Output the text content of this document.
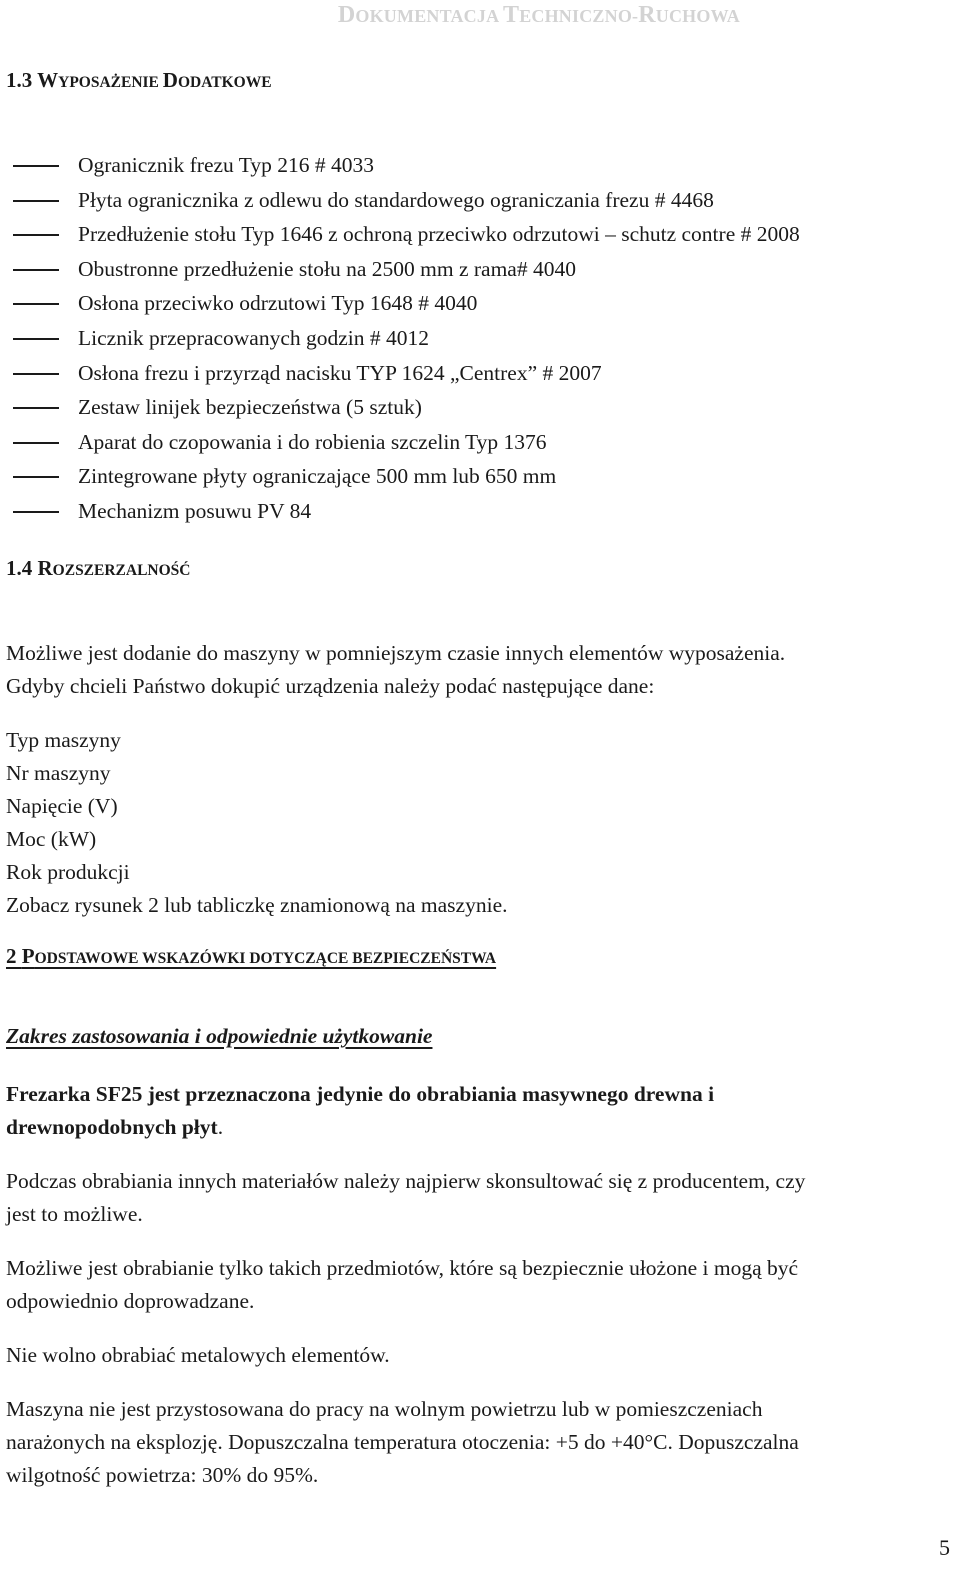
DOKUMENTACJA TECHNICZNO-RUCHOWA
1.3 WYPOSAŻENIE DODATKOWE
Ogranicznik frezu Typ 216 # 4033
Płyta ogranicznika z odlewu do standardowego ograniczania frezu # 4468
Przedłużenie stołu Typ 1646 z ochroną przeciwko odrzutowi – schutz contre # 2008
Obustronne przedłużenie stołu na 2500 mm z rama# 4040
Osłona przeciwko odrzutowi Typ 1648 # 4040
Licznik przepracowanych godzin # 4012
Osłona frezu i przyrząd nacisku TYP 1624 „Centrex” # 2007
Zestaw linijek bezpieczeństwa (5 sztuk)
Aparat do czopowania i do robienia szczelin Typ 1376
Zintegrowane płyty ograniczające 500 mm lub 650 mm
Mechanizm posuwu PV 84
1.4 ROZSZERZALNOŚĆ
Możliwe jest dodanie do maszyny w pomniejszym czasie innych elementów wyposażenia.
Gdyby chcieli Państwo dokupić urządzenia należy podać następujące dane:
Typ maszyny
Nr maszyny
Napięcie (V)
Moc (kW)
Rok produkcji
Zobacz rysunek 2 lub tabliczkę znamionową na maszynie.
2 PODSTAWOWE WSKAZÓWKI DOTYCZĄCE BEZPIECZEŃSTWA
Zakres zastosowania i odpowiednie użytkowanie
Frezarka SF25 jest przeznaczona jedynie do obrabiania masywnego drewna i
drewnopodobnych płyt.
Podczas obrabiania innych materiałów należy najpierw skonsultować się z producentem, czy
jest to możliwe.
Możliwe jest obrabianie tylko takich przedmiotów, które są bezpiecznie ułożone i mogą być
odpowiednio doprowadzane.
Nie wolno obrabiać metalowych elementów.
Maszyna nie jest przystosowana do pracy na wolnym powietrzu lub w pomieszczeniach
narażonych na eksplozję. Dopuszczalna temperatura otoczenia: +5 do +40°C. Dopuszczalna
wilgotność powietrza: 30% do 95%.
5
